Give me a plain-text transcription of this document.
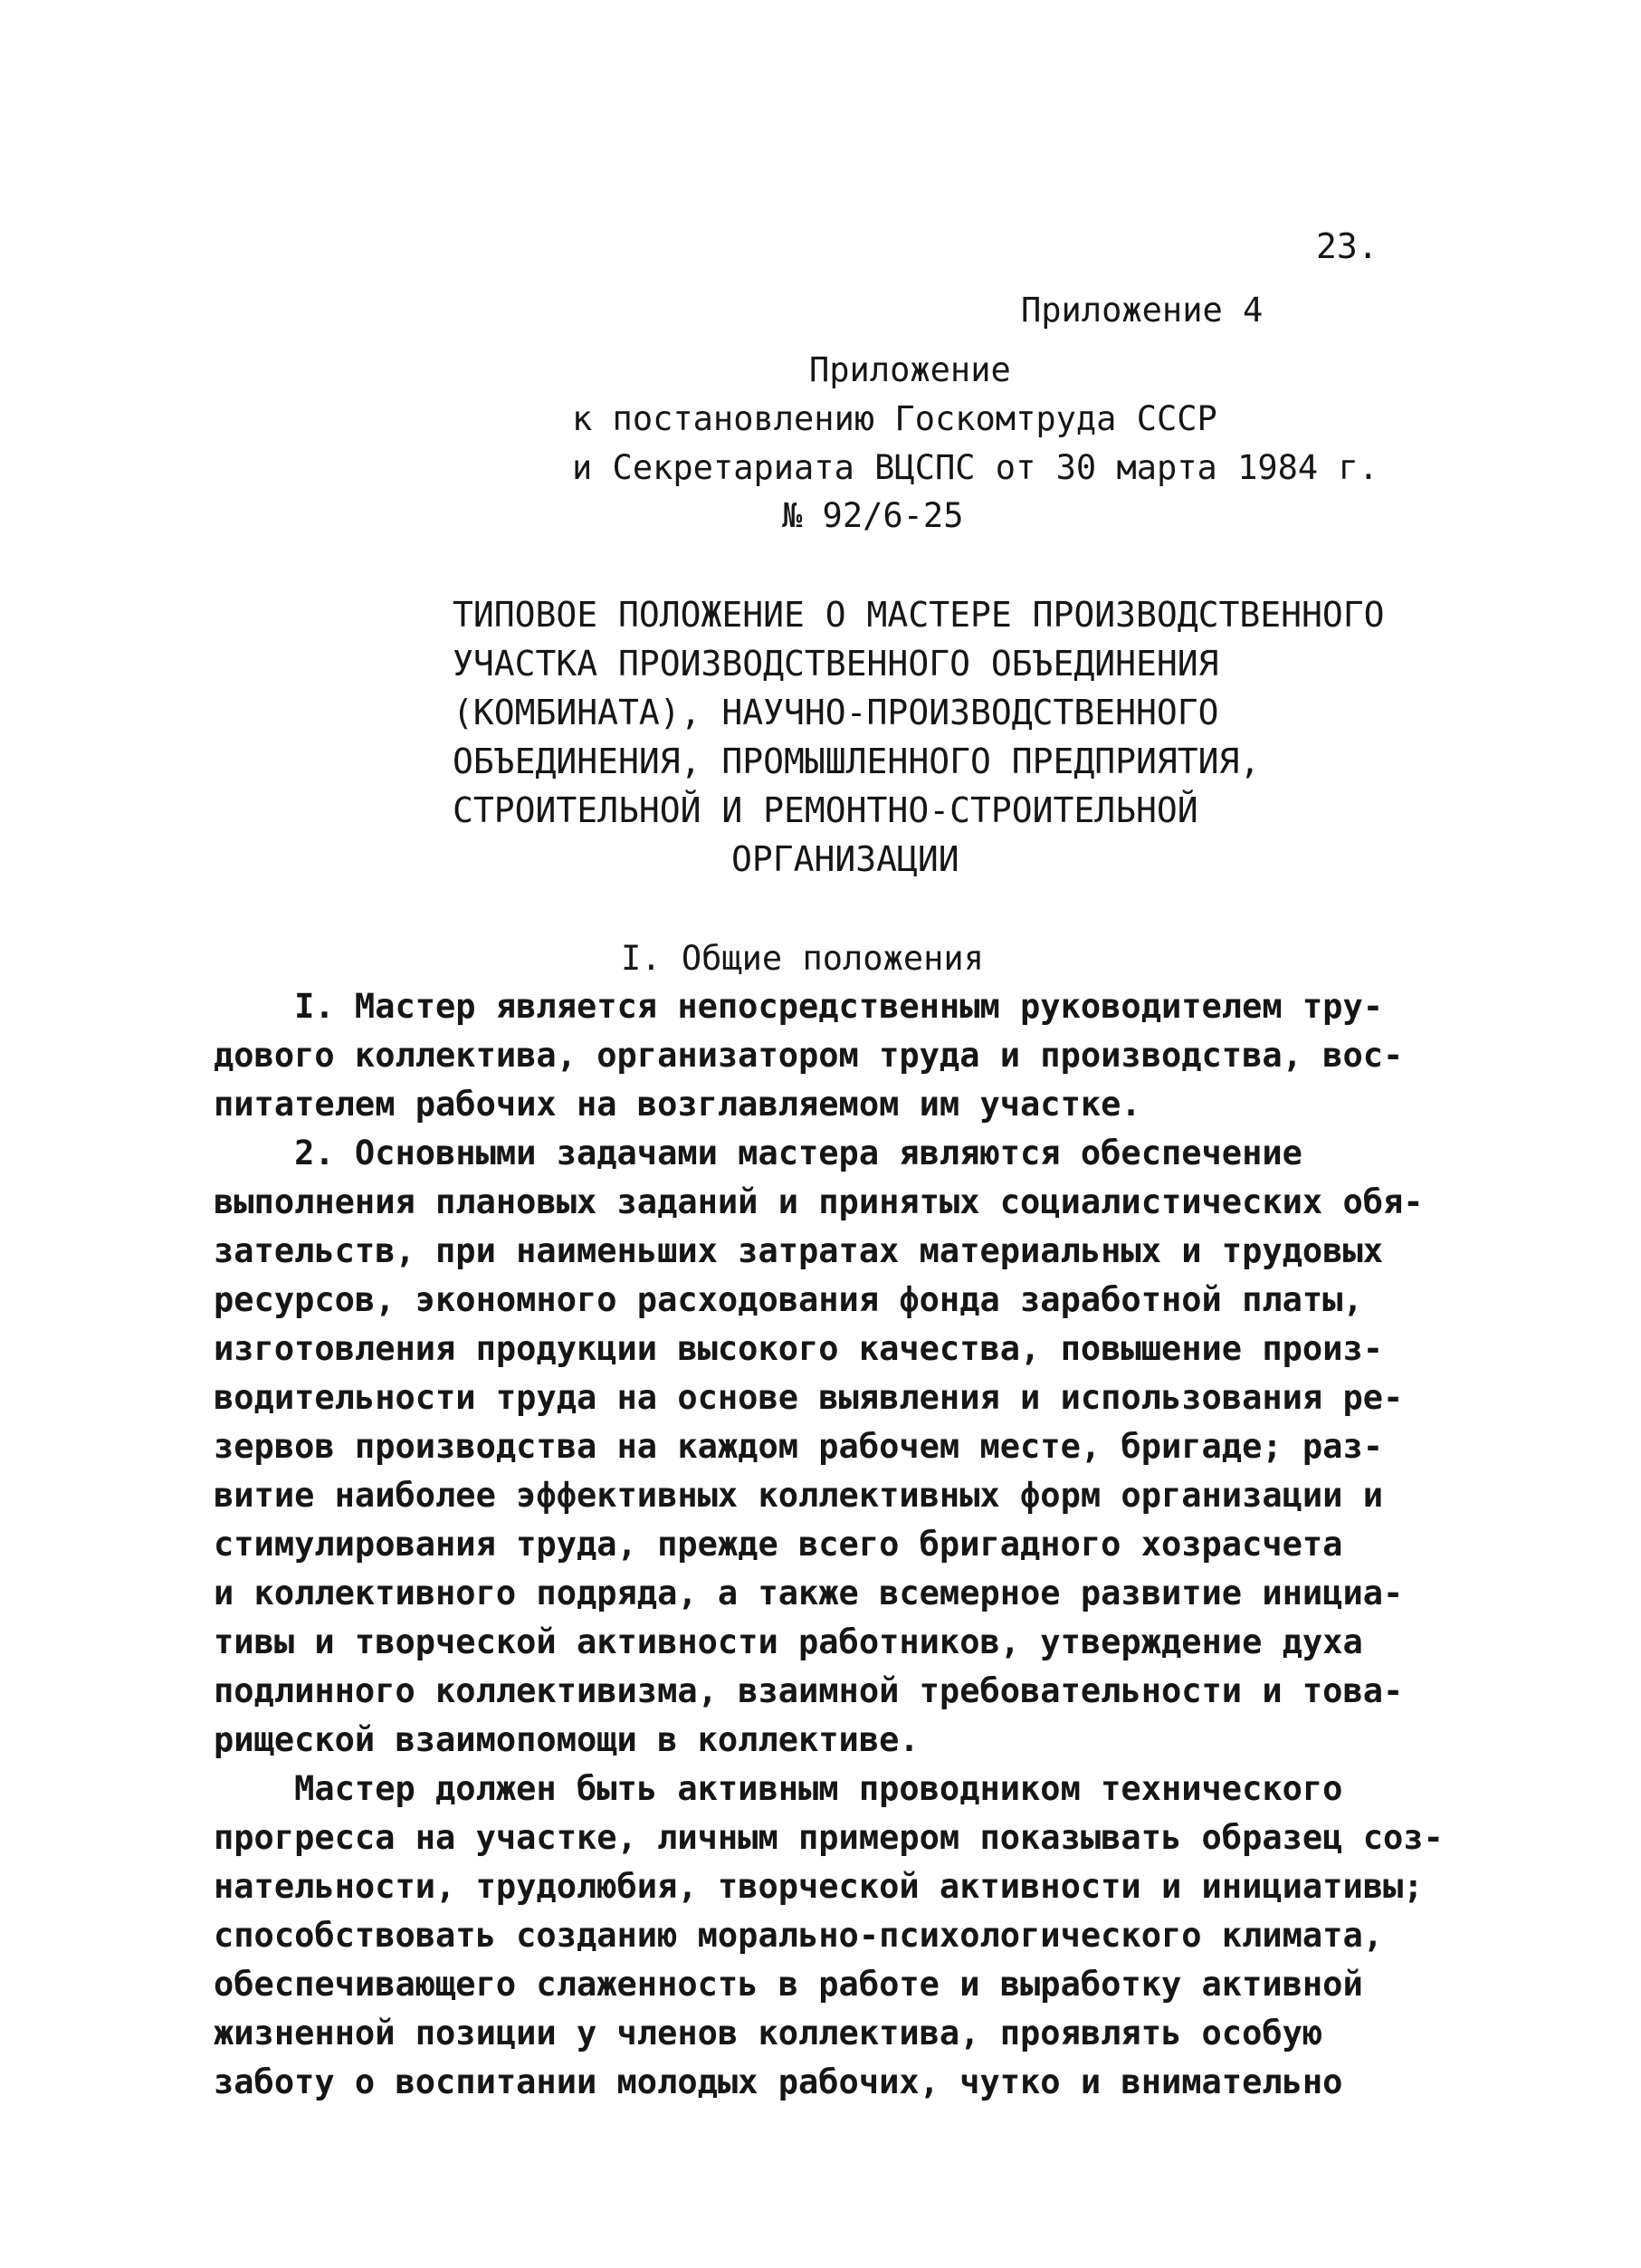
23.
Приложение 4
Приложение
к постановлению Госкомтруда СССР
и Секретариата ВЦСПС от 30 марта 1984 г.
№ 92/6-25
ТИПОВОЕ ПОЛОЖЕНИЕ О МАСТЕРЕ ПРОИЗВОДСТВЕННОГО
УЧАСТКА ПРОИЗВОДСТВЕННОГО ОБЪЕДИНЕНИЯ
(КОМБИНАТА), НАУЧНО-ПРОИЗВОДСТВЕННОГО
ОБЪЕДИНЕНИЯ, ПРОМЫШЛЕННОГО ПРЕДПРИЯТИЯ,
СТРОИТЕЛЬНОЙ И РЕМОНТНО-СТРОИТЕЛЬНОЙ
ОРГАНИЗАЦИИ
I. Общие положения
I. Мастер является непосредственным руководителем тру-
дового коллектива, организатором труда и производства, вос-
питателем рабочих на возглавляемом им участке.
2. Основными задачами мастера являются обеспечение
выполнения плановых заданий и принятых социалистических обя-
зательств, при наименьших затратах материальных и трудовых
ресурсов, экономного расходования фонда заработной платы,
изготовления продукции высокого качества, повышение произ-
водительности труда на основе выявления и использования ре-
зервов производства на каждом рабочем месте, бригаде; раз-
витие наиболее эффективных коллективных форм организации и
стимулирования труда, прежде всего бригадного хозрасчета
и коллективного подряда, а также всемерное развитие инициа-
тивы и творческой активности работников, утверждение духа
подлинного коллективизма, взаимной требовательности и това-
рищеской взаимопомощи в коллективе.
Мастер должен быть активным проводником технического
прогресса на участке, личным примером показывать образец соз-
нательности, трудолюбия, творческой активности и инициативы;
способствовать созданию морально-психологического климата,
обеспечивающего слаженность в работе и выработку активной
жизненной позиции у членов коллектива, проявлять особую
заботу о воспитании молодых рабочих, чутко и внимательно
